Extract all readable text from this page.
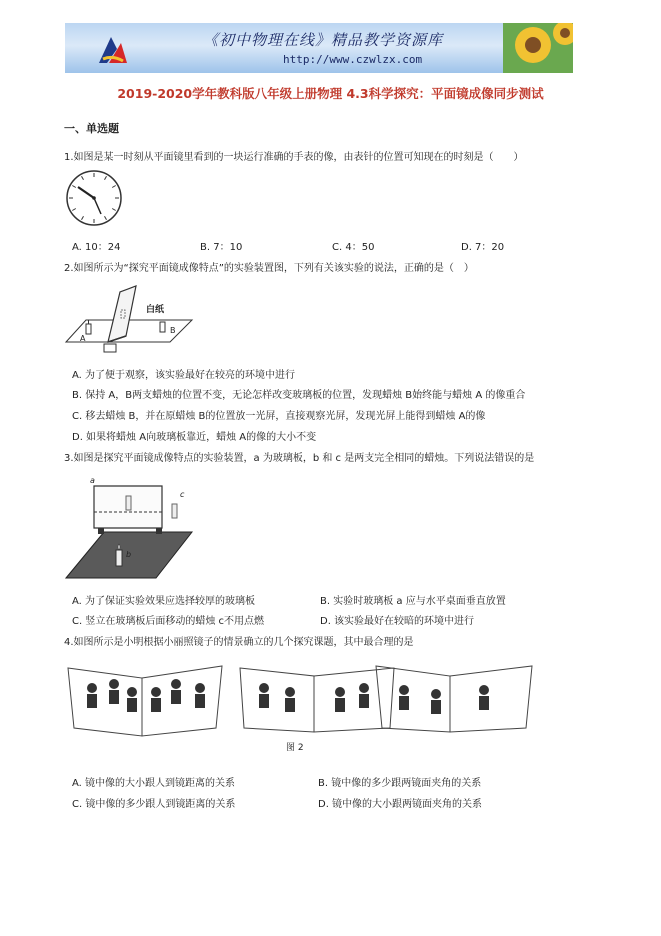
《初中物理在线》精品教学资源库
http://www.czwlzx.com
2019-2020学年教科版八年级上册物理 4.3科学探究：平面镜成像同步测试
一、单选题
1.如图是某一时刻从平面镜里看到的一块运行准确的手表的像，由表针的位置可知现在的时刻是（　　）
A. 10：24	B. 7：10	C. 4：50	D. 7：20
2.如图所示为“探究平面镜成像特点”的实验装置图，下列有关该实验的说法，正确的是（　）
白纸
A
B
A. 为了便于观察，该实验最好在较亮的环境中进行
B. 保持 A，B两支蜡烛的位置不变，无论怎样改变玻璃板的位置，发现蜡烛 B始终能与蜡烛 A 的像重合
C. 移去蜡烛 B，并在原蜡烛 B的位置放一光屏，直接观察光屏，发现光屏上能得到蜡烛 A的像
D. 如果将蜡烛 A向玻璃板靠近，蜡烛 A的像的大小不变
3.如图是探究平面镜成像特点的实验装置，a 为玻璃板，b 和 c 是两支完全相同的蜡烛。下列说法错误的是
a
b
c
A. 为了保证实验效果应选择较厚的玻璃板	B. 实验时玻璃板 a 应与水平桌面垂直放置
C. 竖立在玻璃板后面移动的蜡烛 c不用点燃	D. 该实验最好在较暗的环境中进行
4.如图所示是小明根据小丽照镜子的情景确立的几个探究课题，其中最合理的是
图 2
A. 镜中像的大小跟人到镜距离的关系	B. 镜中像的多少跟两镜面夹角的关系
C. 镜中像的多少跟人到镜距离的关系	D. 镜中像的大小跟两镜面夹角的关系
